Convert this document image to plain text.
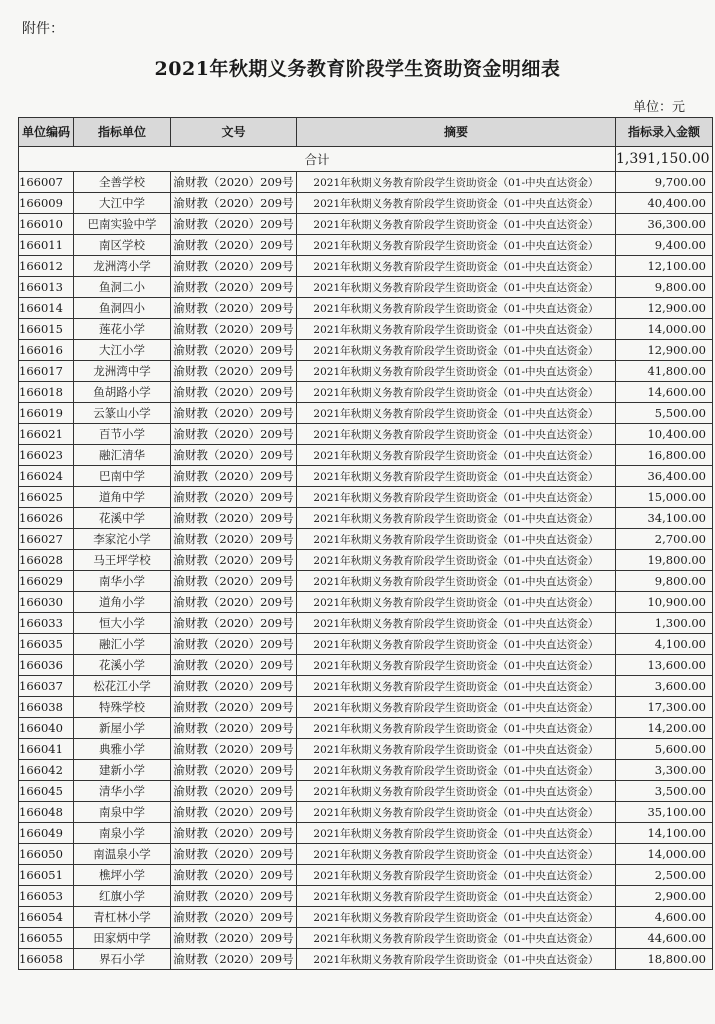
附件：
2021年秋期义务教育阶段学生资助资金明细表
单位：元
单位编码	指标单位	文号	摘要	指标录入金额
合计				1,391,150.00
166007	全善学校	渝财教（2020）209号	2021年秋期义务教育阶段学生资助资金（01-中央直达资金）	9,700.00
166009	大江中学	渝财教（2020）209号	2021年秋期义务教育阶段学生资助资金（01-中央直达资金）	40,400.00
166010	巴南实验中学	渝财教（2020）209号	2021年秋期义务教育阶段学生资助资金（01-中央直达资金）	36,300.00
166011	南区学校	渝财教（2020）209号	2021年秋期义务教育阶段学生资助资金（01-中央直达资金）	9,400.00
166012	龙洲湾小学	渝财教（2020）209号	2021年秋期义务教育阶段学生资助资金（01-中央直达资金）	12,100.00
166013	鱼洞二小	渝财教（2020）209号	2021年秋期义务教育阶段学生资助资金（01-中央直达资金）	9,800.00
166014	鱼洞四小	渝财教（2020）209号	2021年秋期义务教育阶段学生资助资金（01-中央直达资金）	12,900.00
166015	莲花小学	渝财教（2020）209号	2021年秋期义务教育阶段学生资助资金（01-中央直达资金）	14,000.00
166016	大江小学	渝财教（2020）209号	2021年秋期义务教育阶段学生资助资金（01-中央直达资金）	12,900.00
166017	龙洲湾中学	渝财教（2020）209号	2021年秋期义务教育阶段学生资助资金（01-中央直达资金）	41,800.00
166018	鱼胡路小学	渝财教（2020）209号	2021年秋期义务教育阶段学生资助资金（01-中央直达资金）	14,600.00
166019	云篆山小学	渝财教（2020）209号	2021年秋期义务教育阶段学生资助资金（01-中央直达资金）	5,500.00
166021	百节小学	渝财教（2020）209号	2021年秋期义务教育阶段学生资助资金（01-中央直达资金）	10,400.00
166023	融汇清华	渝财教（2020）209号	2021年秋期义务教育阶段学生资助资金（01-中央直达资金）	16,800.00
166024	巴南中学	渝财教（2020）209号	2021年秋期义务教育阶段学生资助资金（01-中央直达资金）	36,400.00
166025	道角中学	渝财教（2020）209号	2021年秋期义务教育阶段学生资助资金（01-中央直达资金）	15,000.00
166026	花溪中学	渝财教（2020）209号	2021年秋期义务教育阶段学生资助资金（01-中央直达资金）	34,100.00
166027	李家沱小学	渝财教（2020）209号	2021年秋期义务教育阶段学生资助资金（01-中央直达资金）	2,700.00
166028	马王坪学校	渝财教（2020）209号	2021年秋期义务教育阶段学生资助资金（01-中央直达资金）	19,800.00
166029	南华小学	渝财教（2020）209号	2021年秋期义务教育阶段学生资助资金（01-中央直达资金）	9,800.00
166030	道角小学	渝财教（2020）209号	2021年秋期义务教育阶段学生资助资金（01-中央直达资金）	10,900.00
166033	恒大小学	渝财教（2020）209号	2021年秋期义务教育阶段学生资助资金（01-中央直达资金）	1,300.00
166035	融汇小学	渝财教（2020）209号	2021年秋期义务教育阶段学生资助资金（01-中央直达资金）	4,100.00
166036	花溪小学	渝财教（2020）209号	2021年秋期义务教育阶段学生资助资金（01-中央直达资金）	13,600.00
166037	松花江小学	渝财教（2020）209号	2021年秋期义务教育阶段学生资助资金（01-中央直达资金）	3,600.00
166038	特殊学校	渝财教（2020）209号	2021年秋期义务教育阶段学生资助资金（01-中央直达资金）	17,300.00
166040	新屋小学	渝财教（2020）209号	2021年秋期义务教育阶段学生资助资金（01-中央直达资金）	14,200.00
166041	典雅小学	渝财教（2020）209号	2021年秋期义务教育阶段学生资助资金（01-中央直达资金）	5,600.00
166042	建新小学	渝财教（2020）209号	2021年秋期义务教育阶段学生资助资金（01-中央直达资金）	3,300.00
166045	清华小学	渝财教（2020）209号	2021年秋期义务教育阶段学生资助资金（01-中央直达资金）	3,500.00
166048	南泉中学	渝财教（2020）209号	2021年秋期义务教育阶段学生资助资金（01-中央直达资金）	35,100.00
166049	南泉小学	渝财教（2020）209号	2021年秋期义务教育阶段学生资助资金（01-中央直达资金）	14,100.00
166050	南温泉小学	渝财教（2020）209号	2021年秋期义务教育阶段学生资助资金（01-中央直达资金）	14,000.00
166051	樵坪小学	渝财教（2020）209号	2021年秋期义务教育阶段学生资助资金（01-中央直达资金）	2,500.00
166053	红旗小学	渝财教（2020）209号	2021年秋期义务教育阶段学生资助资金（01-中央直达资金）	2,900.00
166054	青杠林小学	渝财教（2020）209号	2021年秋期义务教育阶段学生资助资金（01-中央直达资金）	4,600.00
166055	田家炳中学	渝财教（2020）209号	2021年秋期义务教育阶段学生资助资金（01-中央直达资金）	44,600.00
166058	界石小学	渝财教（2020）209号	2021年秋期义务教育阶段学生资助资金（01-中央直达资金）	18,800.00
